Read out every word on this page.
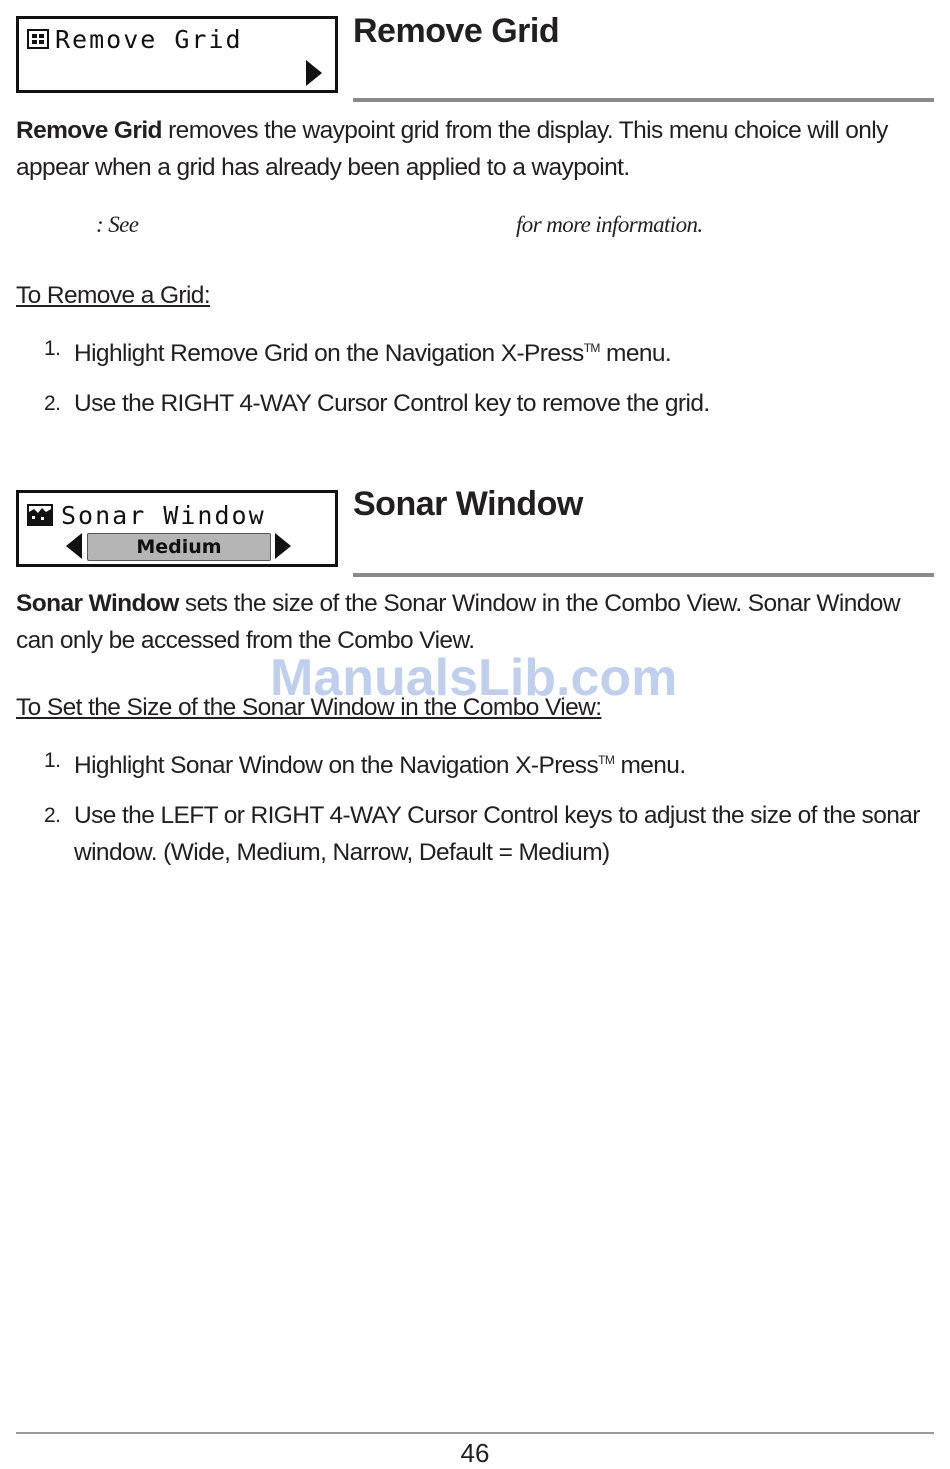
Remove Grid	Remove Grid
Remove Grid removes the waypoint grid from the display. This menu choice will only appear when a grid has already been applied to a waypoint.
: See	for more information.
To Remove a Grid:
1. Highlight Remove Grid on the Navigation X-Press™ menu.
2. Use the RIGHT 4-WAY Cursor Control key to remove the grid.
Sonar Window
Medium
Sonar Window
Sonar Window sets the size of the Sonar Window in the Combo View. Sonar Window can only be accessed from the Combo View.
ManualsLib.com
To Set the Size of the Sonar Window in the Combo View:
1. Highlight Sonar Window on the Navigation X-Press™ menu.
2. Use the LEFT or RIGHT 4-WAY Cursor Control keys to adjust the size of the sonar window. (Wide, Medium, Narrow, Default = Medium)
46
